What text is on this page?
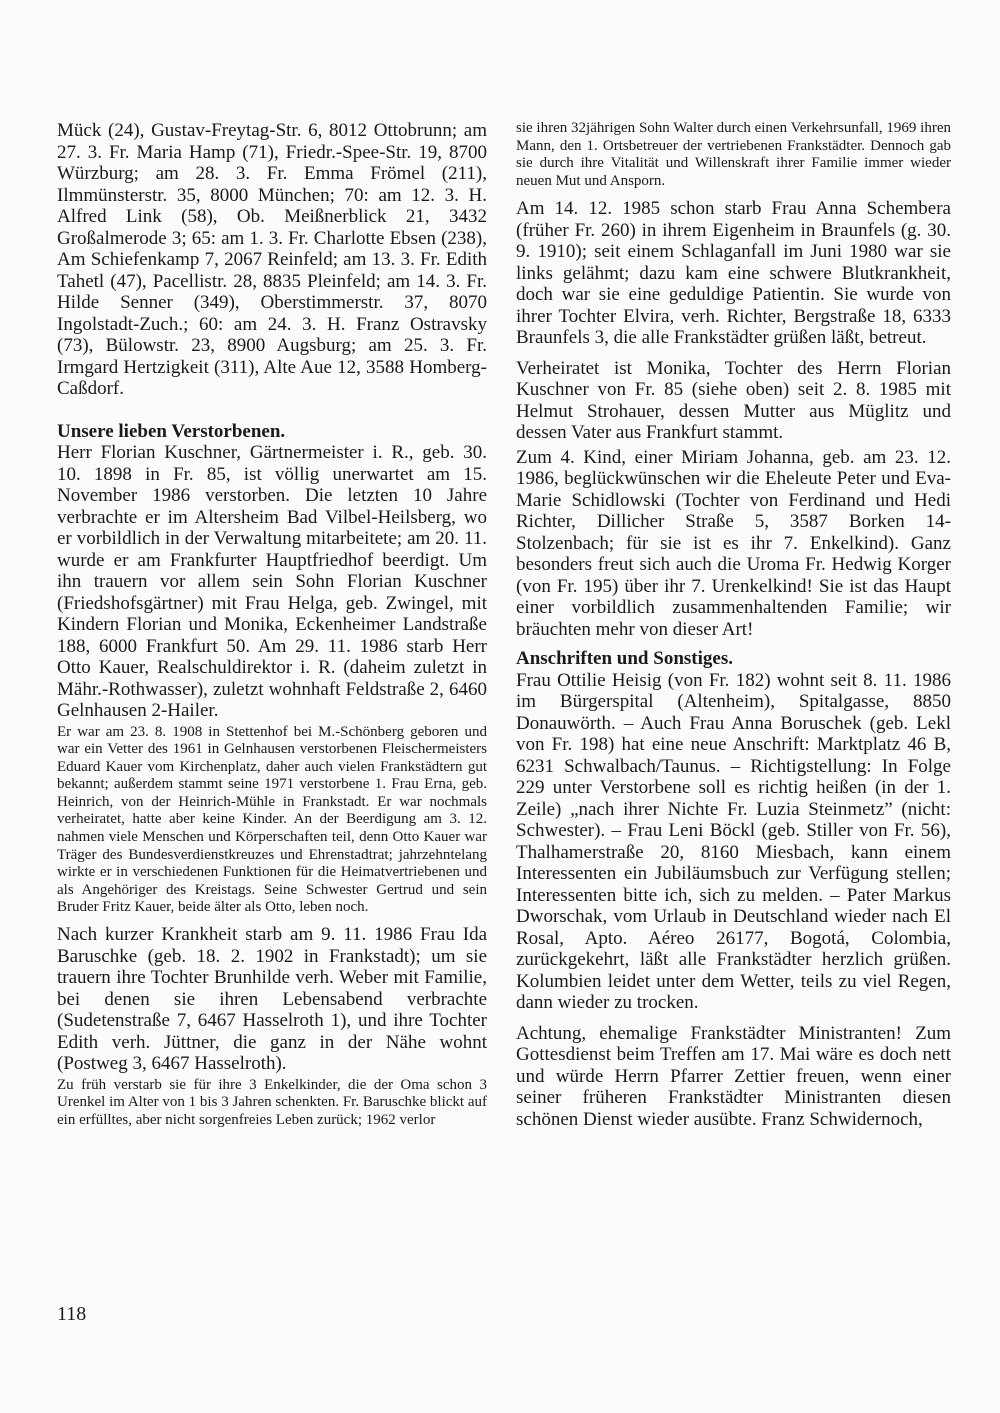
Mück (24), Gustav-Freytag-Str. 6, 8012 Ottobrunn; am 27. 3. Fr. Maria Hamp (71), Friedr.-Spee-Str. 19, 8700 Würzburg; am 28. 3. Fr. Emma Frömel (211), Ilmmünsterstr. 35, 8000 München; 70: am 12. 3. H. Alfred Link (58), Ob. Meißnerblick 21, 3432 Großalmerode 3; 65: am 1. 3. Fr. Charlotte Ebsen (238), Am Schiefenkamp 7, 2067 Reinfeld; am 13. 3. Fr. Edith Tahetl (47), Pacellistr. 28, 8835 Pleinfeld; am 14. 3. Fr. Hilde Senner (349), Oberstimmerstr. 37, 8070 Ingolstadt-Zuch.; 60: am 24. 3. H. Franz Ostravsky (73), Bülowstr. 23, 8900 Augsburg; am 25. 3. Fr. Irmgard Hertzigkeit (311), Alte Aue 12, 3588 Homberg-Caßdorf.

Unsere lieben Verstorbenen.

Herr Florian Kuschner, Gärtnermeister i. R., geb. 30. 10. 1898 in Fr. 85, ist völlig unerwartet am 15. November 1986 verstorben. Die letzten 10 Jahre verbrachte er im Altersheim Bad Vilbel-Heilsberg, wo er vorbildlich in der Verwaltung mitarbeitete; am 20. 11. wurde er am Frankfurter Hauptfriedhof beerdigt. Um ihn trauern vor allem sein Sohn Florian Kuschner (Friedshofsgärtner) mit Frau Helga, geb. Zwingel, mit Kindern Florian und Monika, Eckenheimer Landstraße 188, 6000 Frankfurt 50. Am 29. 11. 1986 starb Herr Otto Kauer, Realschuldirektor i. R. (daheim zuletzt in Mähr.-Rothwasser), zuletzt wohnhaft Feldstraße 2, 6460 Gelnhausen 2-Hailer.

Er war am 23. 8. 1908 in Stettenhof bei M.-Schönberg geboren und war ein Vetter des 1961 in Gelnhausen verstorbenen Fleischermeisters Eduard Kauer vom Kirchenplatz, daher auch vielen Frankstädtern gut bekannt; außerdem stammt seine 1971 verstorbene 1. Frau Erna, geb. Heinrich, von der Heinrich-Mühle in Frankstadt. Er war nochmals verheiratet, hatte aber keine Kinder. An der Beerdigung am 3. 12. nahmen viele Menschen und Körperschaften teil, denn Otto Kauer war Träger des Bundesverdienstkreuzes und Ehrenstadtrat; jahrzehntelang wirkte er in verschiedenen Funktionen für die Heimatvertriebenen und als Angehöriger des Kreistags. Seine Schwester Gertrud und sein Bruder Fritz Kauer, beide älter als Otto, leben noch.

Nach kurzer Krankheit starb am 9. 11. 1986 Frau Ida Baruschke (geb. 18. 2. 1902 in Frankstadt); um sie trauern ihre Tochter Brunhilde verh. Weber mit Familie, bei denen sie ihren Lebensabend verbrachte (Sudetenstraße 7, 6467 Hasselroth 1), und ihre Tochter Edith verh. Jüttner, die ganz in der Nähe wohnt (Postweg 3, 6467 Hasselroth).

Zu früh verstarb sie für ihre 3 Enkelkinder, die der Oma schon 3 Urenkel im Alter von 1 bis 3 Jahren schenkten. Fr. Baruschke blickt auf ein erfülltes, aber nicht sorgenfreies Leben zurück; 1962 verlor

sie ihren 32jährigen Sohn Walter durch einen Verkehrsunfall, 1969 ihren Mann, den 1. Ortsbetreuer der vertriebenen Frankstädter. Dennoch gab sie durch ihre Vitalität und Willenskraft ihrer Familie immer wieder neuen Mut und Ansporn.

Am 14. 12. 1985 schon starb Frau Anna Schembera (früher Fr. 260) in ihrem Eigenheim in Braunfels (g. 30. 9. 1910); seit einem Schlaganfall im Juni 1980 war sie links gelähmt; dazu kam eine schwere Blutkrankheit, doch war sie eine geduldige Patientin. Sie wurde von ihrer Tochter Elvira, verh. Richter, Bergstraße 18, 6333 Braunfels 3, die alle Frankstädter grüßen läßt, betreut.

Verheiratet ist Monika, Tochter des Herrn Florian Kuschner von Fr. 85 (siehe oben) seit 2. 8. 1985 mit Helmut Strohauer, dessen Mutter aus Müglitz und dessen Vater aus Frankfurt stammt.

Zum 4. Kind, einer Miriam Johanna, geb. am 23. 12. 1986, beglückwünschen wir die Eheleute Peter und Eva-Marie Schidlowski (Tochter von Ferdinand und Hedi Richter, Dillicher Straße 5, 3587 Borken 14-Stolzenbach; für sie ist es ihr 7. Enkelkind). Ganz besonders freut sich auch die Uroma Fr. Hedwig Korger (von Fr. 195) über ihr 7. Urenkelkind! Sie ist das Haupt einer vorbildlich zusammenhaltenden Familie; wir bräuchten mehr von dieser Art!

Anschriften und Sonstiges.

Frau Ottilie Heisig (von Fr. 182) wohnt seit 8. 11. 1986 im Bürgerspital (Altenheim), Spitalgasse, 8850 Donauwörth. – Auch Frau Anna Boruschek (geb. Lekl von Fr. 198) hat eine neue Anschrift: Marktplatz 46 B, 6231 Schwalbach/Taunus. – Richtigstellung: In Folge 229 unter Verstorbene soll es richtig heißen (in der 1. Zeile) „nach ihrer Nichte Fr. Luzia Steinmetz” (nicht: Schwester). – Frau Leni Böckl (geb. Stiller von Fr. 56), Thalhamerstraße 20, 8160 Miesbach, kann einem Interessenten ein Jubiläumsbuch zur Verfügung stellen; Interessenten bitte ich, sich zu melden. – Pater Markus Dworschak, vom Urlaub in Deutschland wieder nach El Rosal, Apto. Aéreo 26177, Bogotá, Colombia, zurückgekehrt, läßt alle Frankstädter herzlich grüßen. Kolumbien leidet unter dem Wetter, teils zu viel Regen, dann wieder zu trocken.

Achtung, ehemalige Frankstädter Ministranten! Zum Gottesdienst beim Treffen am 17. Mai wäre es doch nett und würde Herrn Pfarrer Zettier freuen, wenn einer seiner früheren Frankstädter Ministranten diesen schönen Dienst wieder ausübte. Franz Schwidernoch,

118
